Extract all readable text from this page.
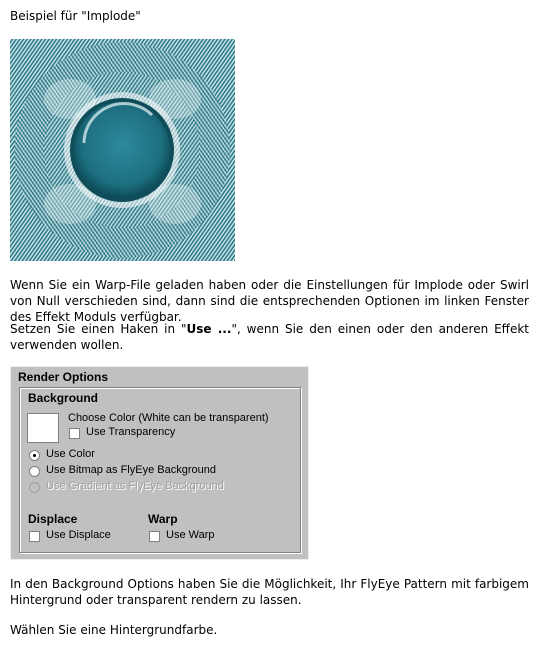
Beispiel für "Implode"
Wenn Sie ein Warp-File geladen haben oder die Einstellungen für Implode oder Swirl von Null verschieden sind, dann sind die entsprechenden Optionen im linken Fenster des Effekt Moduls verfügbar.
Setzen Sie einen Haken in "Use ...", wenn Sie den einen oder den anderen Effekt verwenden wollen.
Render Options
Background
Choose Color (White can be transparent)
Use Transparency
Use Color
Use Bitmap as FlyEye Background
Use Gradient as FlyEye Background
Displace
Use Displace
Warp
Use Warp
In den Background Options haben Sie die Möglichkeit, Ihr FlyEye Pattern mit farbigem Hintergrund oder transparent rendern zu lassen.
Wählen Sie eine Hintergrundfarbe.
